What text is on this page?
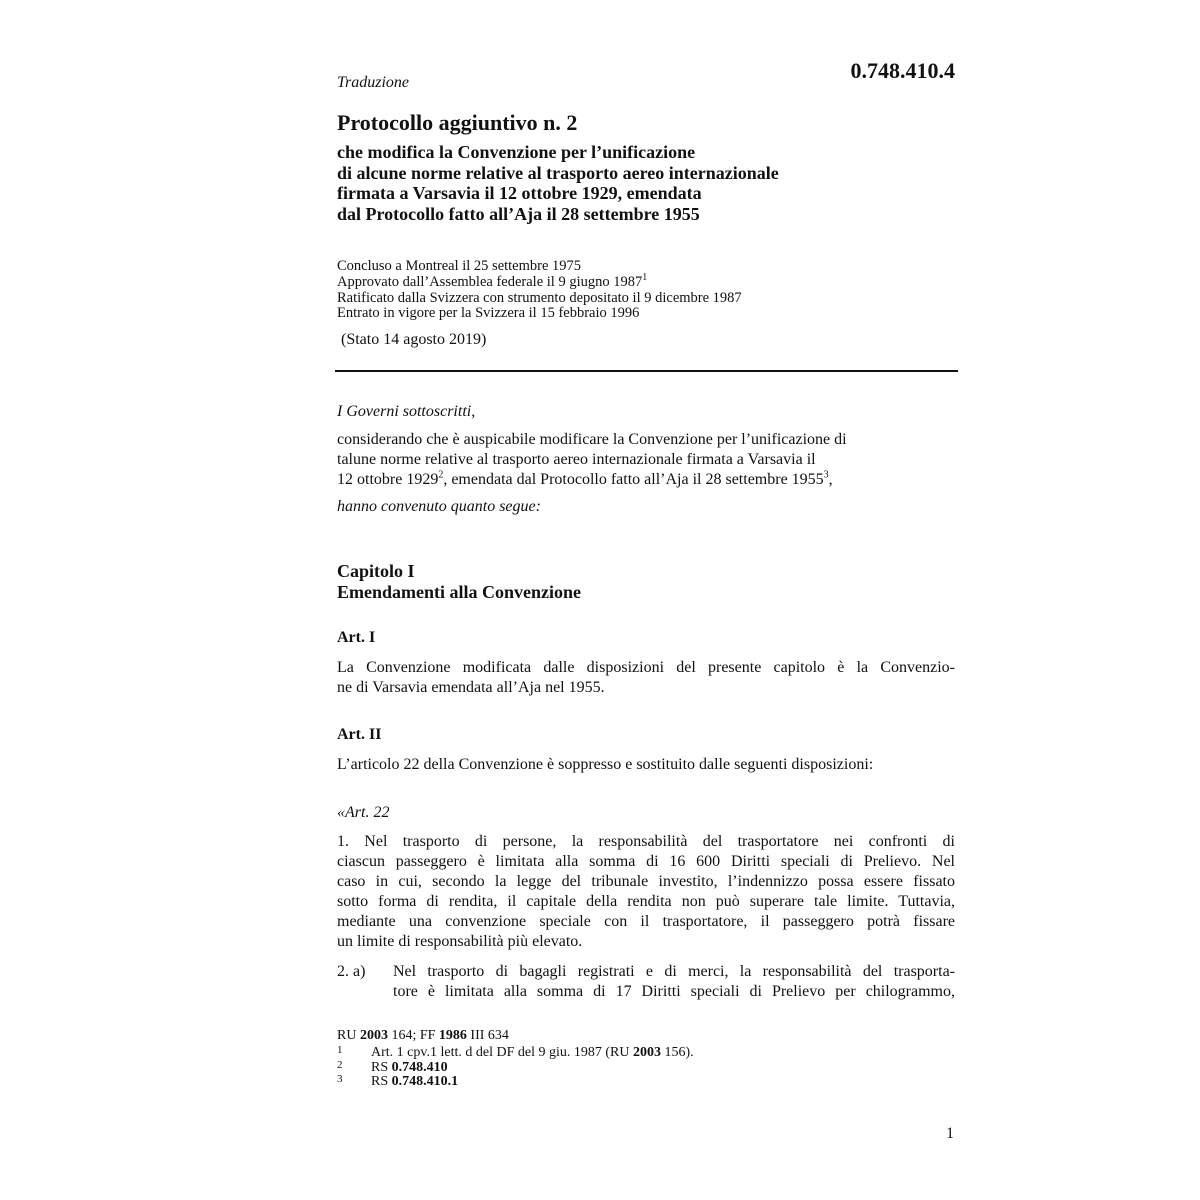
0.748.410.4
Traduzione
Protocollo aggiuntivo n. 2
che modifica la Convenzione per l’unificazione
di alcune norme relative al trasporto aereo internazionale
firmata a Varsavia il 12 ottobre 1929, emendata
dal Protocollo fatto all’Aja il 28 settembre 1955
Concluso a Montreal il 25 settembre 1975
Approvato dall’Assemblea federale il 9 giugno 1987$^1$
Ratificato dalla Svizzera con strumento depositato il 9 dicembre 1987
Entrato in vigore per la Svizzera il 15 febbraio 1996
(Stato 14 agosto 2019)
I Governi sottoscritti,
considerando che è auspicabile modificare la Convenzione per l’unificazione di
talune norme relative al trasporto aereo internazionale firmata a Varsavia il
12 ottobre 1929$^2$, emendata dal Protocollo fatto all’Aja il 28 settembre 1955$^3$,
hanno convenuto quanto segue:
Capitolo I
Emendamenti alla Convenzione
Art. I
La Convenzione modificata dalle disposizioni del presente capitolo è la Convenzio-
ne di Varsavia emendata all’Aja nel 1955.
Art. II
L’articolo 22 della Convenzione è soppresso e sostituito dalle seguenti disposizioni:
«Art. 22
1. Nel trasporto di persone, la responsabilità del trasportatore nei confronti di
ciascun passeggero è limitata alla somma di 16 600 Diritti speciali di Prelievo. Nel
caso in cui, secondo la legge del tribunale investito, l’indennizzo possa essere fissato
sotto forma di rendita, il capitale della rendita non può superare tale limite. Tuttavia,
mediante una convenzione speciale con il trasportatore, il passeggero potrà fissare
un limite di responsabilità più elevato.
2. a) Nel trasporto di bagagli registrati e di merci, la responsabilità del trasporta-
tore è limitata alla somma di 17 Diritti speciali di Prelievo per chilogrammo,
RU 2003 164; FF 1986 III 634
1	Art. 1 cpv.1 lett. d del DF del 9 giu. 1987 (RU 2003 156).
2	RS 0.748.410
3	RS 0.748.410.1
1
